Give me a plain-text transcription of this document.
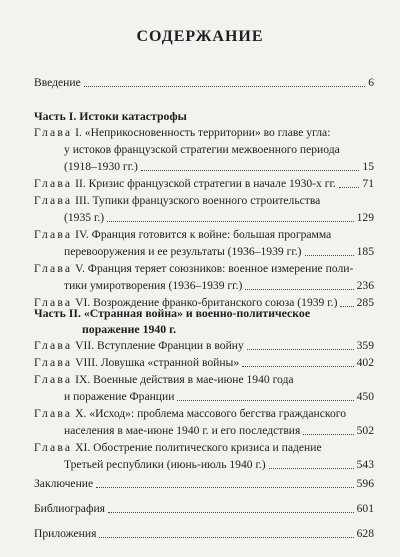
СОДЕРЖАНИЕ
Введение	6
Часть I. Истоки катастрофы
Глава I. «Неприкосновенность территории» во главе угла:
у истоков французской стратегии межвоенного периода
(1918–1930 гг.)	15
Глава II. Кризис французской стратегии в начале 1930-х гг. 71
Глава III. Тупики французского военного строительства
(1935 г.)	129
Глава IV. Франция готовится к войне: большая программа
перевооружения и ее результаты (1936–1939 гг.)	185
Глава V. Франция теряет союзников: военное измерение поли-
тики умиротворения (1936–1939 гг.)	236
Глава VI. Возрождение франко-британского союза (1939 г.) 285
Часть II. «Странная война» и военно-политическое
поражение 1940 г.
Глава VII. Вступление Франции в войну	359
Глава VIII. Ловушка «странной войны»	402
Глава IX. Военные действия в мае-июне 1940 года
и поражение Франции	450
Глава X. «Исход»: проблема массового бегства гражданского
населения в мае-июне 1940 г. и его последствия	502
Глава XI. Обострение политического кризиса и падение
Третьей республики (июнь-июль 1940 г.)	543
Заключение	596
Библиография	601
Приложения	628
